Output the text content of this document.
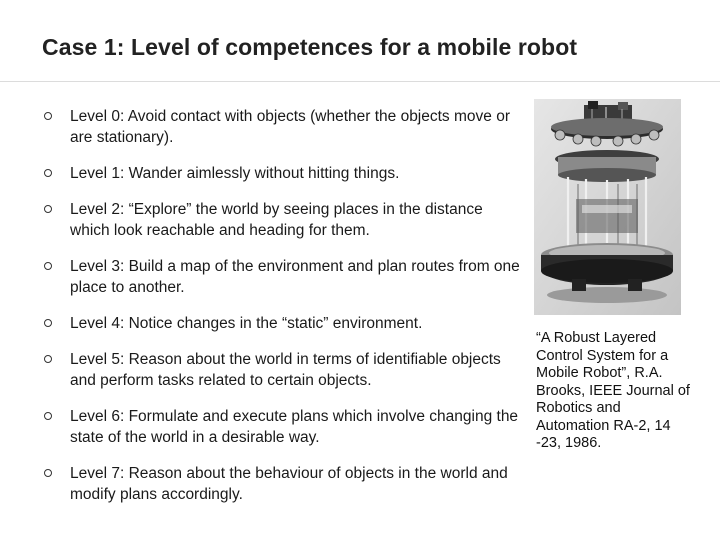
Case 1: Level of competences for a mobile robot
Level 0: Avoid contact with objects (whether the objects move or are stationary).
Level 1: Wander aimlessly without hitting things.
Level 2: “Explore” the world by seeing places in the distance which look reachable and heading for them.
Level 3: Build a map of the environment and plan routes from one place to another.
Level 4: Notice changes in the “static” environment.
Level 5: Reason about the world in terms of identifiable objects and perform tasks related to certain objects.
Level 6: Formulate and execute plans which involve changing the state of the world in a desirable way.
Level 7: Reason about the behaviour of objects in the world and modify plans accordingly.
“A Robust Layered Control System for a Mobile Robot”, R.A. Brooks, IEEE Journal of Robotics and Automation RA-2, 14 -23, 1986.
